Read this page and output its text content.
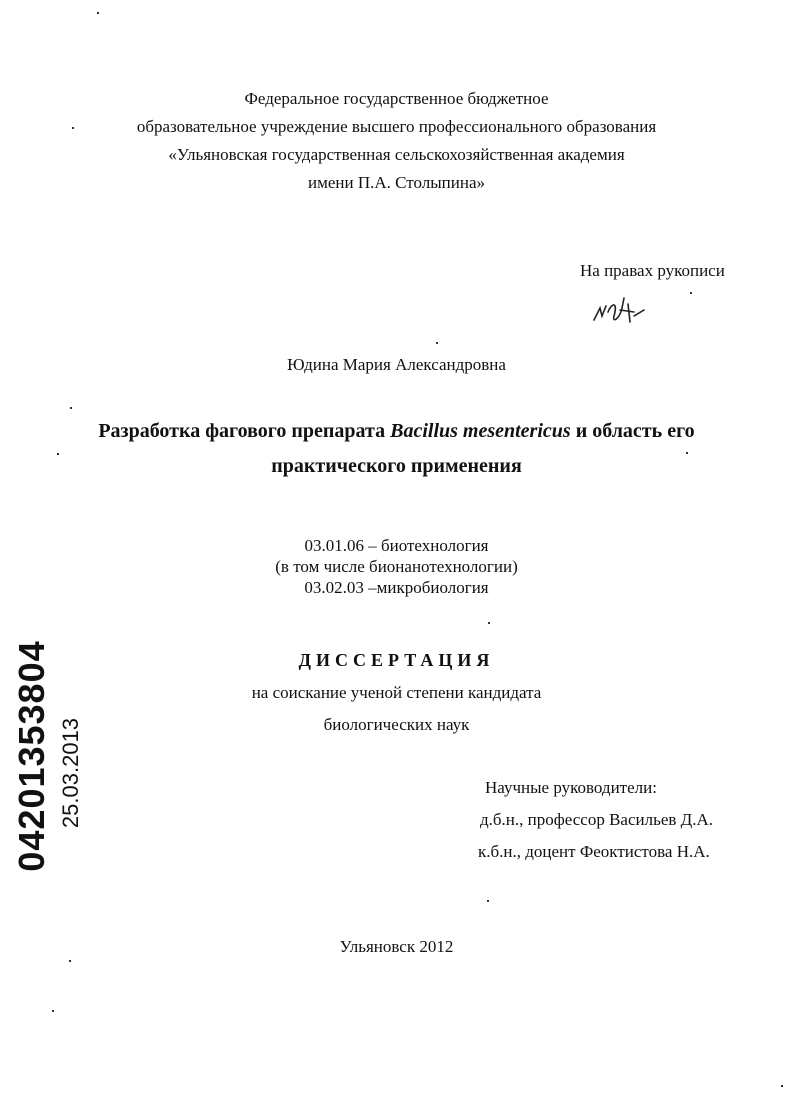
Федеральное государственное бюджетное
образовательное учреждение высшего профессионального образования
«Ульяновская государственная сельскохозяйственная академия
имени П.А. Столыпина»
На правах рукописи
Юдина Мария Александровна
Разработка фагового препарата Bacillus mesentericus и область его
практического применения
03.01.06 – биотехнология
(в том числе бионанотехнологии)
03.02.03 –микробиология
ДИССЕРТАЦИЯ
на соискание ученой степени кандидата
биологических наук
Научные руководители:
д.б.н., профессор Васильев Д.А.
к.б.н., доцент Феоктистова Н.А.
Ульяновск 2012
04201353804 25.03.2013
